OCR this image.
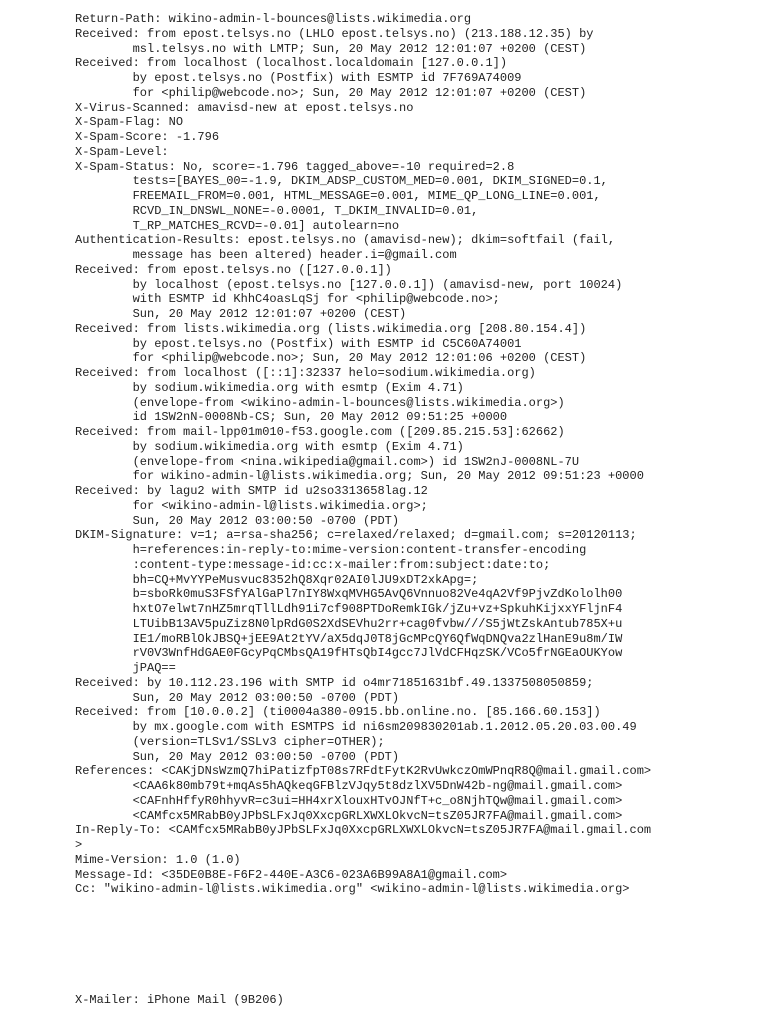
Return-Path: wikino-admin-l-bounces@lists.wikimedia.org
Received: from epost.telsys.no (LHLO epost.telsys.no) (213.188.12.35) by
msl.telsys.no with LMTP; Sun, 20 May 2012 12:01:07 +0200 (CEST)
Received: from localhost (localhost.localdomain [127.0.0.1])
by epost.telsys.no (Postfix) with ESMTP id 7F769A74009
for <philip@webcode.no>; Sun, 20 May 2012 12:01:07 +0200 (CEST)
X-Virus-Scanned: amavisd-new at epost.telsys.no
X-Spam-Flag: NO
X-Spam-Score: -1.796
X-Spam-Level:
X-Spam-Status: No, score=-1.796 tagged_above=-10 required=2.8
tests=[BAYES_00=-1.9, DKIM_ADSP_CUSTOM_MED=0.001, DKIM_SIGNED=0.1,
FREEMAIL_FROM=0.001, HTML_MESSAGE=0.001, MIME_QP_LONG_LINE=0.001,
RCVD_IN_DNSWL_NONE=-0.0001, T_DKIM_INVALID=0.01,
T_RP_MATCHES_RCVD=-0.01] autolearn=no
Authentication-Results: epost.telsys.no (amavisd-new); dkim=softfail (fail,
message has been altered) header.i=@gmail.com
Received: from epost.telsys.no ([127.0.0.1])
by localhost (epost.telsys.no [127.0.0.1]) (amavisd-new, port 10024)
with ESMTP id KhhC4oasLqSj for <philip@webcode.no>;
Sun, 20 May 2012 12:01:07 +0200 (CEST)
Received: from lists.wikimedia.org (lists.wikimedia.org [208.80.154.4])
by epost.telsys.no (Postfix) with ESMTP id C5C60A74001
for <philip@webcode.no>; Sun, 20 May 2012 12:01:06 +0200 (CEST)
Received: from localhost ([::1]:32337 helo=sodium.wikimedia.org)
by sodium.wikimedia.org with esmtp (Exim 4.71)
(envelope-from <wikino-admin-l-bounces@lists.wikimedia.org>)
id 1SW2nN-0008Nb-CS; Sun, 20 May 2012 09:51:25 +0000
Received: from mail-lpp01m010-f53.google.com ([209.85.215.53]:62662)
by sodium.wikimedia.org with esmtp (Exim 4.71)
(envelope-from <nina.wikipedia@gmail.com>) id 1SW2nJ-0008NL-7U
for wikino-admin-l@lists.wikimedia.org; Sun, 20 May 2012 09:51:23 +0000
Received: by lagu2 with SMTP id u2so3313658lag.12
for <wikino-admin-l@lists.wikimedia.org>;
Sun, 20 May 2012 03:00:50 -0700 (PDT)
DKIM-Signature: v=1; a=rsa-sha256; c=relaxed/relaxed; d=gmail.com; s=20120113;
h=references:in-reply-to:mime-version:content-transfer-encoding
:content-type:message-id:cc:x-mailer:from:subject:date:to;
bh=CQ+MvYYPeMusvuc8352hQ8Xqr02AI0lJU9xDT2xkApg=;
b=sboRk0muS3FSfYAlGaPl7nIY8WxqMVHG5AvQ6Vnnuo82Ve4qA2Vf9PjvZdKololh00
hxtO7elwt7nHZ5mrqTllLdh91i7cf908PTDoRemkIGk/jZu+vz+SpkuhKijxxYFljnF4
LTUibB13AV5puZiz8N0lpRdG0S2XdSEVhu2rr+cag0fvbw///S5jWtZskAntub785X+u
IE1/moRBlOkJBSQ+jEE9At2tYV/aX5dqJ0T8jGcMPcQY6QfWqDNQva2zlHanE9u8m/IW
rV0V3WnfHdGAE0FGcyPqCMbsQA19fHTsQbI4gcc7JlVdCFHqzSK/VCo5frNGEaOUKYow
jPAQ==
Received: by 10.112.23.196 with SMTP id o4mr71851631bf.49.1337508050859;
Sun, 20 May 2012 03:00:50 -0700 (PDT)
Received: from [10.0.0.2] (ti0004a380-0915.bb.online.no. [85.166.60.153])
by mx.google.com with ESMTPS id ni6sm209830201ab.1.2012.05.20.03.00.49
(version=TLSv1/SSLv3 cipher=OTHER);
Sun, 20 May 2012 03:00:50 -0700 (PDT)
References: <CAKjDNsWzmQ7hiPatizfpT08s7RFdtFytK2RvUwkczOmWPnqR8Q@mail.gmail.com>
<CAA6k80mb79t+mqAs5hAQkeqGFBlzVJqy5t8dzlXV5DnW42b-ng@mail.gmail.com>
<CAFnhHffyR0hhyvR=c3ui=HH4xrXlouxHTvOJNfT+c_o8NjhTQw@mail.gmail.com>
<CAMfcx5MRabB0yJPbSLFxJq0XxcpGRLXWXLOkvcN=tsZ05JR7FA@mail.gmail.com>
In-Reply-To: <CAMfcx5MRabB0yJPbSLFxJq0XxcpGRLXWXLOkvcN=tsZ05JR7FA@mail.gmail.com
>
Mime-Version: 1.0 (1.0)
Message-Id: <35DE0B8E-F6F2-440E-A3C6-023A6B99A8A1@gmail.com>
Cc: "wikino-admin-l@lists.wikimedia.org" <wikino-admin-l@lists.wikimedia.org>
X-Mailer: iPhone Mail (9B206)
